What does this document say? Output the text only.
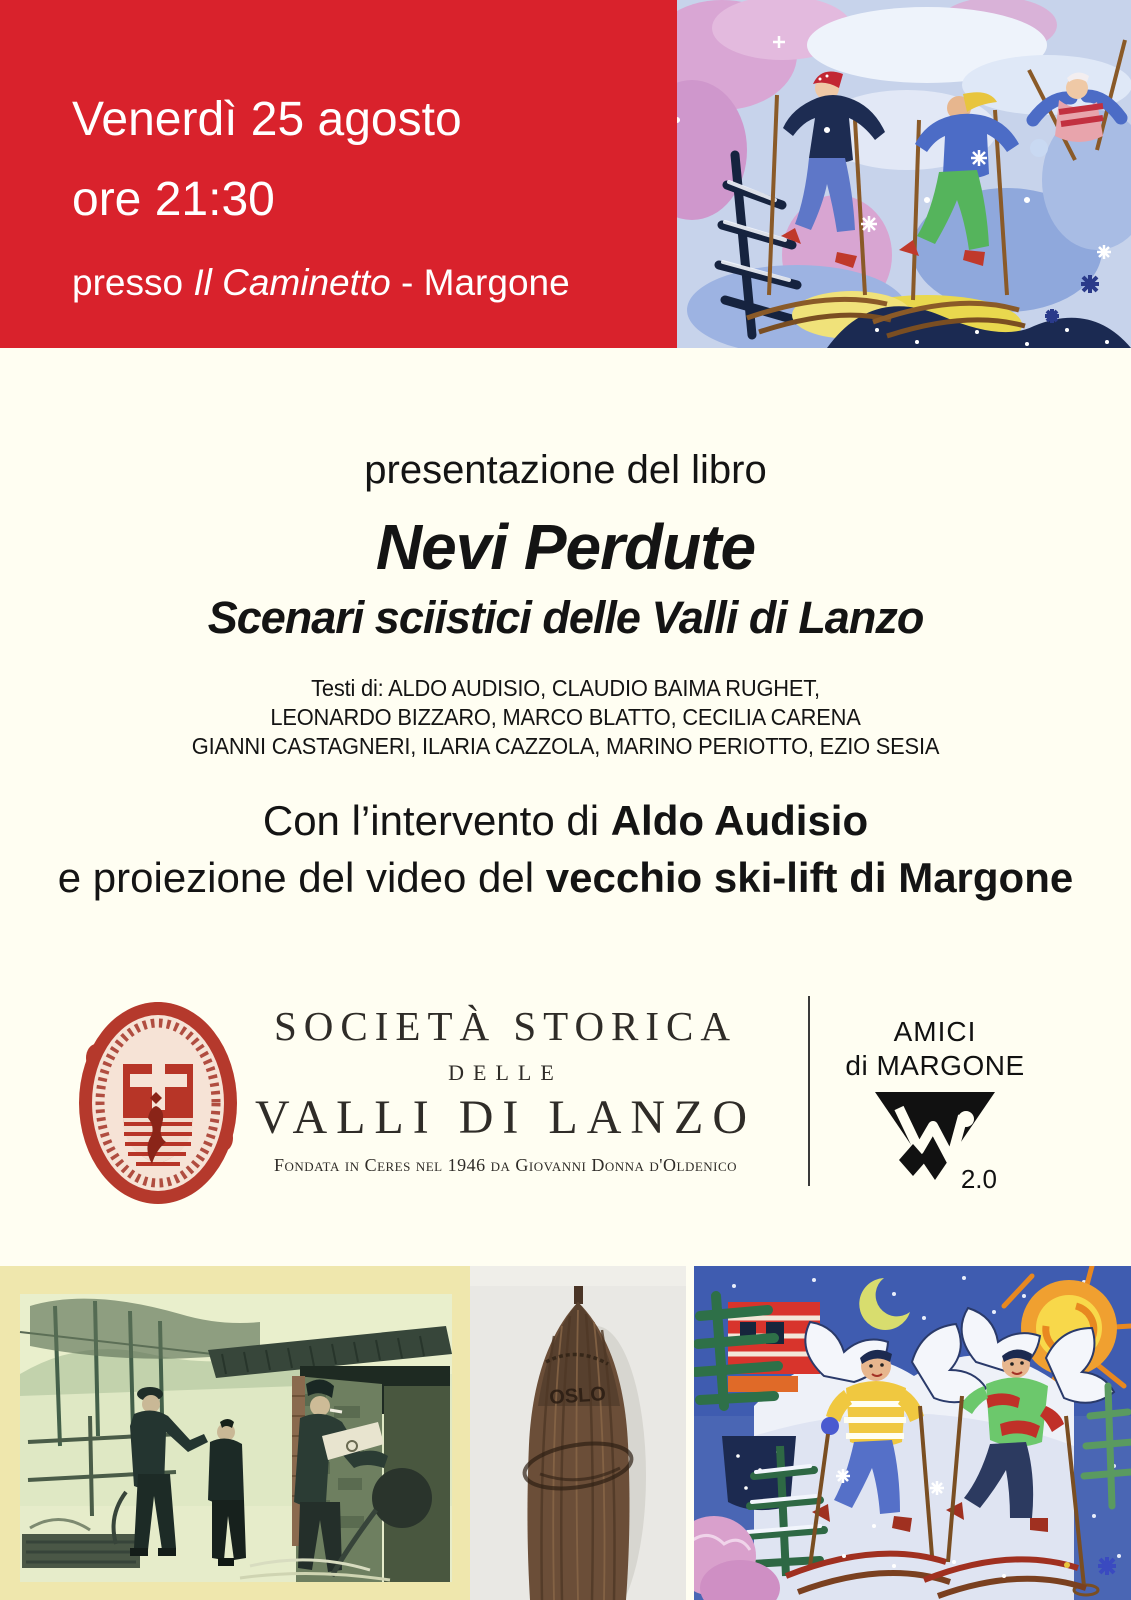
Venerdì 25 agosto
ore 21:30
presso Il Caminetto - Margone
presentazione del libro
Nevi Perdute
Scenari sciistici delle Valli di Lanzo
Testi di: ALDO AUDISIO, CLAUDIO BAIMA RUGHET,
LEONARDO BIZZARO, MARCO BLATTO, CECILIA CARENA
GIANNI CASTAGNERI, ILARIA CAZZOLA, MARINO PERIOTTO, EZIO SESIA
Con l’intervento di Aldo Audisio
e proiezione del video del vecchio ski-lift di Margone
SOCIETÀ STORICA
DELLE
VALLI DI LANZO
Fondata in Ceres nel 1946 da Giovanni Donna d'Oldenico
AMICI
di MARGONE
2.0
OSLO
